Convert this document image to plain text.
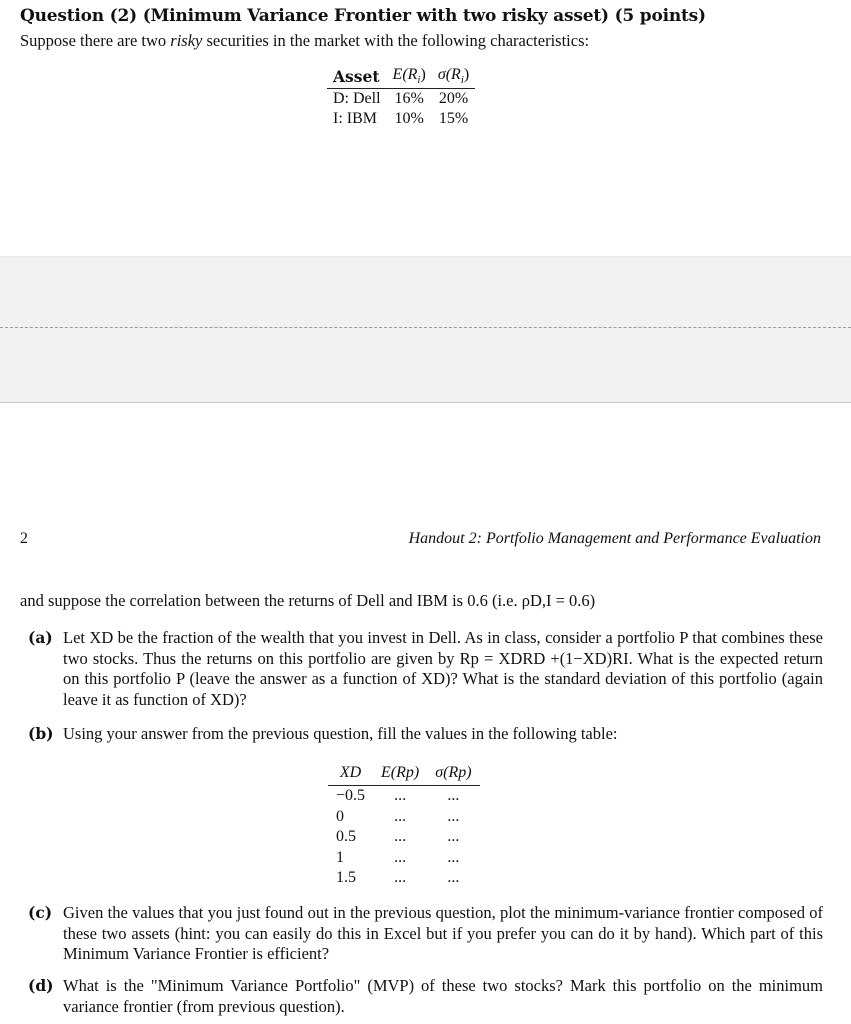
Question (2) (Minimum Variance Frontier with two risky asset) (5 points)
Suppose there are two risky securities in the market with the following characteristics:
Asset	$E(R_i)$	$\sigma(R_i)$
D: Dell	16%	20%
I: IBM	10%	15%
2	Handout 2: Portfolio Management and Performance Evaluation
and suppose the correlation between the returns of Dell and IBM is 0.6 (i.e. ρD,I = 0.6)
(a) Let XD be the fraction of the wealth that you invest in Dell. As in class, consider a portfolio P that combines these two stocks. Thus the returns on this portfolio are given by Rp = XDRD +(1−XD)RI. What is the expected return on this portfolio P (leave the answer as a function of XD)? What is the standard deviation of this portfolio (again leave it as function of XD)?
(b) Using your answer from the previous question, fill the values in the following table:
XD	E(Rp)	σ(Rp)
−0.5	...	...
0	...	...
0.5	...	...
1	...	...
1.5	...	...
(c) Given the values that you just found out in the previous question, plot the minimum-variance frontier composed of these two assets (hint: you can easily do this in Excel but if you prefer you can do it by hand). Which part of this Minimum Variance Frontier is efficient?
(d) What is the "Minimum Variance Portfolio" (MVP) of these two stocks? Mark this portfolio on the minimum variance frontier (from previous question).
